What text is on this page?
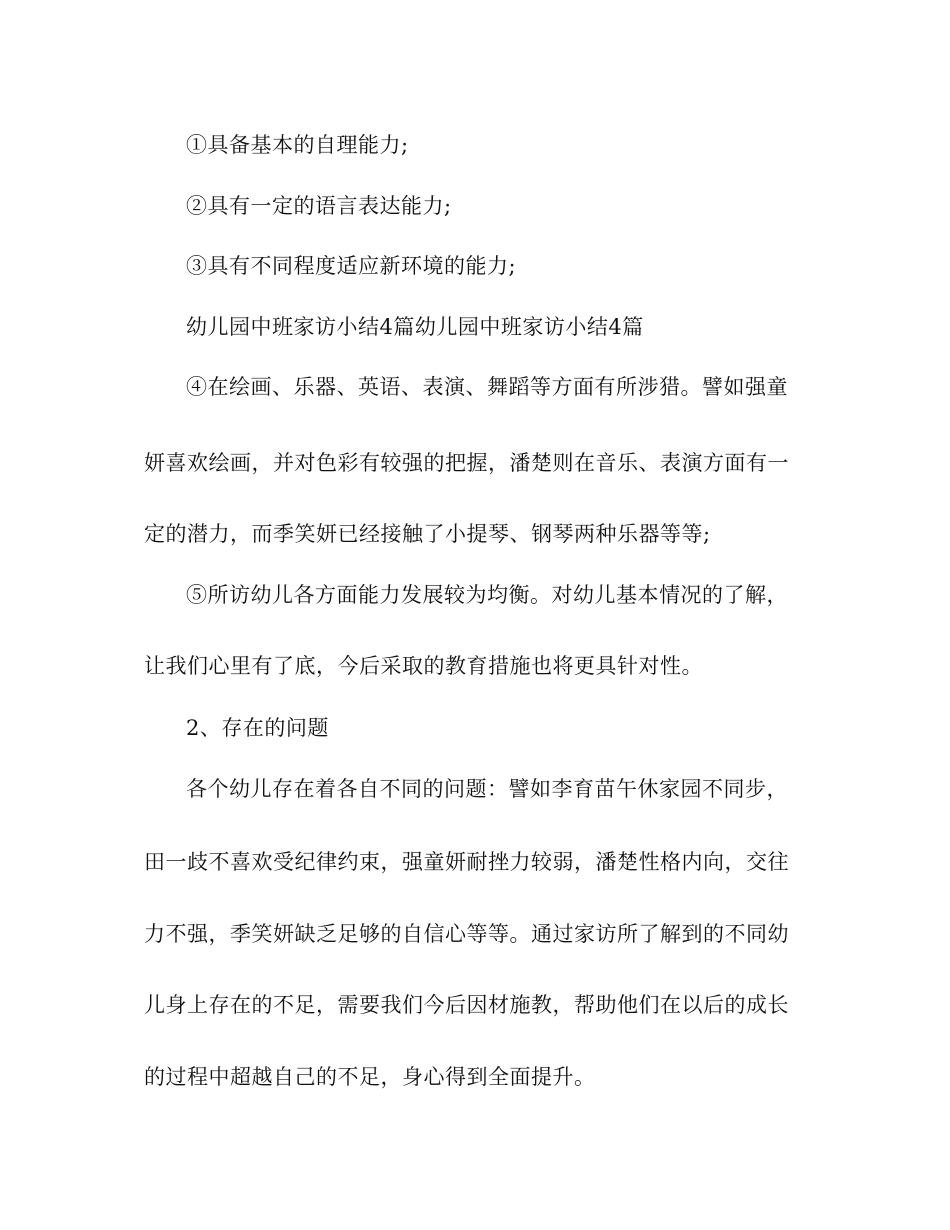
①具备基本的自理能力;
②具有一定的语言表达能力;
③具有不同程度适应新环境的能力;
幼儿园中班家访小结4篇幼儿园中班家访小结4篇
④在绘画、乐器、英语、表演、舞蹈等方面有所涉猎。譬如强童
妍喜欢绘画，并对色彩有较强的把握，潘楚则在音乐、表演方面有一
定的潜力，而季笑妍已经接触了小提琴、钢琴两种乐器等等;
⑤所访幼儿各方面能力发展较为均衡。对幼儿基本情况的了解，
让我们心里有了底，今后采取的教育措施也将更具针对性。
2、存在的问题
各个幼儿存在着各自不同的问题：譬如李育苗午休家园不同步，
田一歧不喜欢受纪律约束，强童妍耐挫力较弱，潘楚性格内向，交往
力不强，季笑妍缺乏足够的自信心等等。通过家访所了解到的不同幼
儿身上存在的不足，需要我们今后因材施教，帮助他们在以后的成长
的过程中超越自己的不足，身心得到全面提升。
